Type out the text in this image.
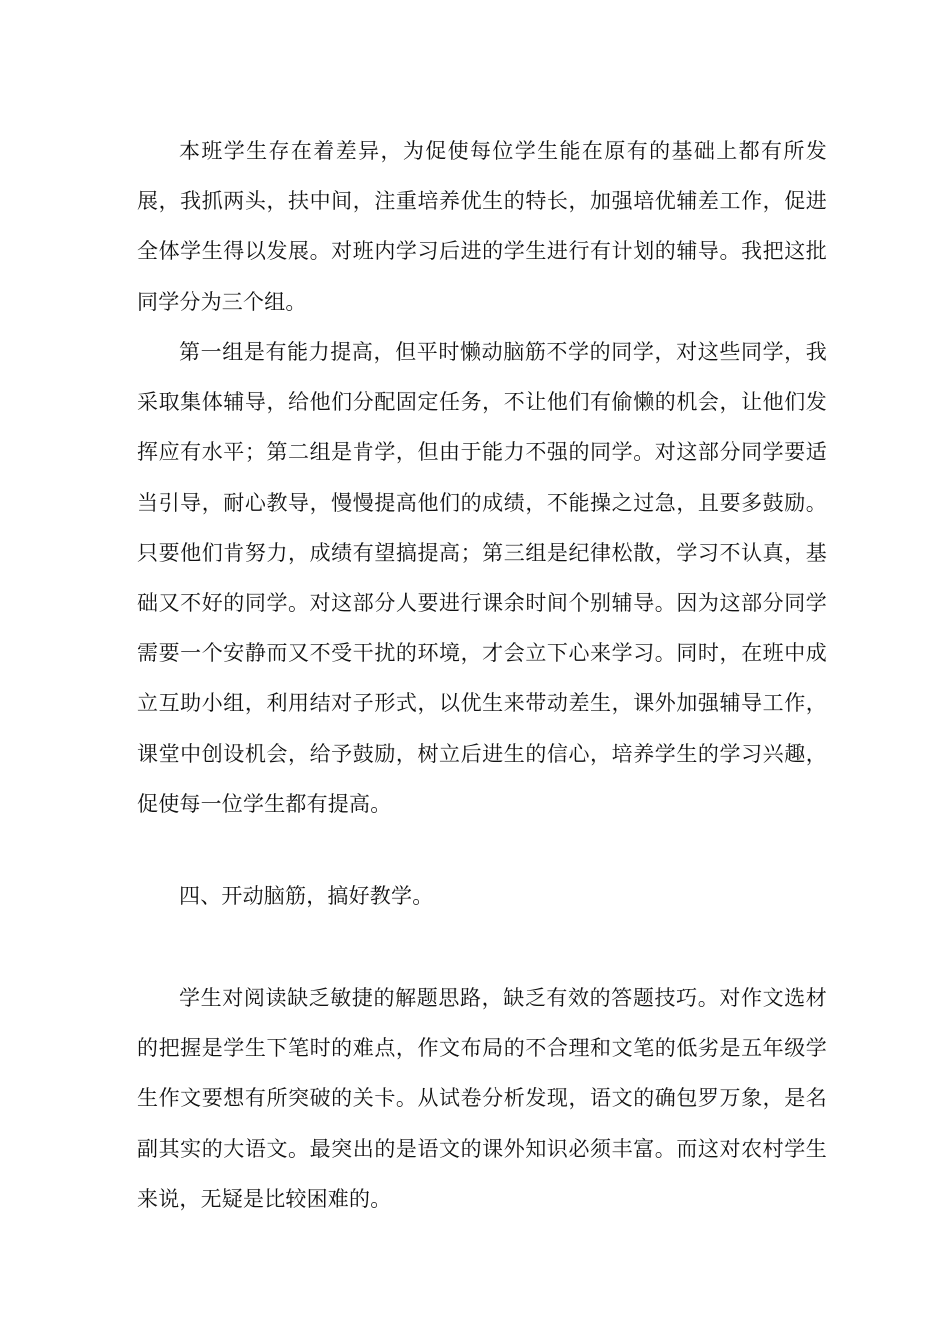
本班学生存在着差异，为促使每位学生能在原有的基础上都有所发展，我抓两头，扶中间，注重培养优生的特长，加强培优辅差工作，促进全体学生得以发展。对班内学习后进的学生进行有计划的辅导。我把这批同学分为三个组。

第一组是有能力提高，但平时懒动脑筋不学的同学，对这些同学，我采取集体辅导，给他们分配固定任务，不让他们有偷懒的机会，让他们发挥应有水平；第二组是肯学，但由于能力不强的同学。对这部分同学要适当引导，耐心教导，慢慢提高他们的成绩，不能操之过急，且要多鼓励。只要他们肯努力，成绩有望搞提高；第三组是纪律松散，学习不认真，基础又不好的同学。对这部分人要进行课余时间个别辅导。因为这部分同学需要一个安静而又不受干扰的环境，才会立下心来学习。同时，在班中成立互助小组，利用结对子形式，以优生来带动差生，课外加强辅导工作，课堂中创设机会，给予鼓励，树立后进生的信心，培养学生的学习兴趣，促使每一位学生都有提高。

四、开动脑筋，搞好教学。

学生对阅读缺乏敏捷的解题思路，缺乏有效的答题技巧。对作文选材的把握是学生下笔时的难点，作文布局的不合理和文笔的低劣是五年级学生作文要想有所突破的关卡。从试卷分析发现，语文的确包罗万象，是名副其实的大语文。最突出的是语文的课外知识必须丰富。而这对农村学生来说，无疑是比较困难的。
